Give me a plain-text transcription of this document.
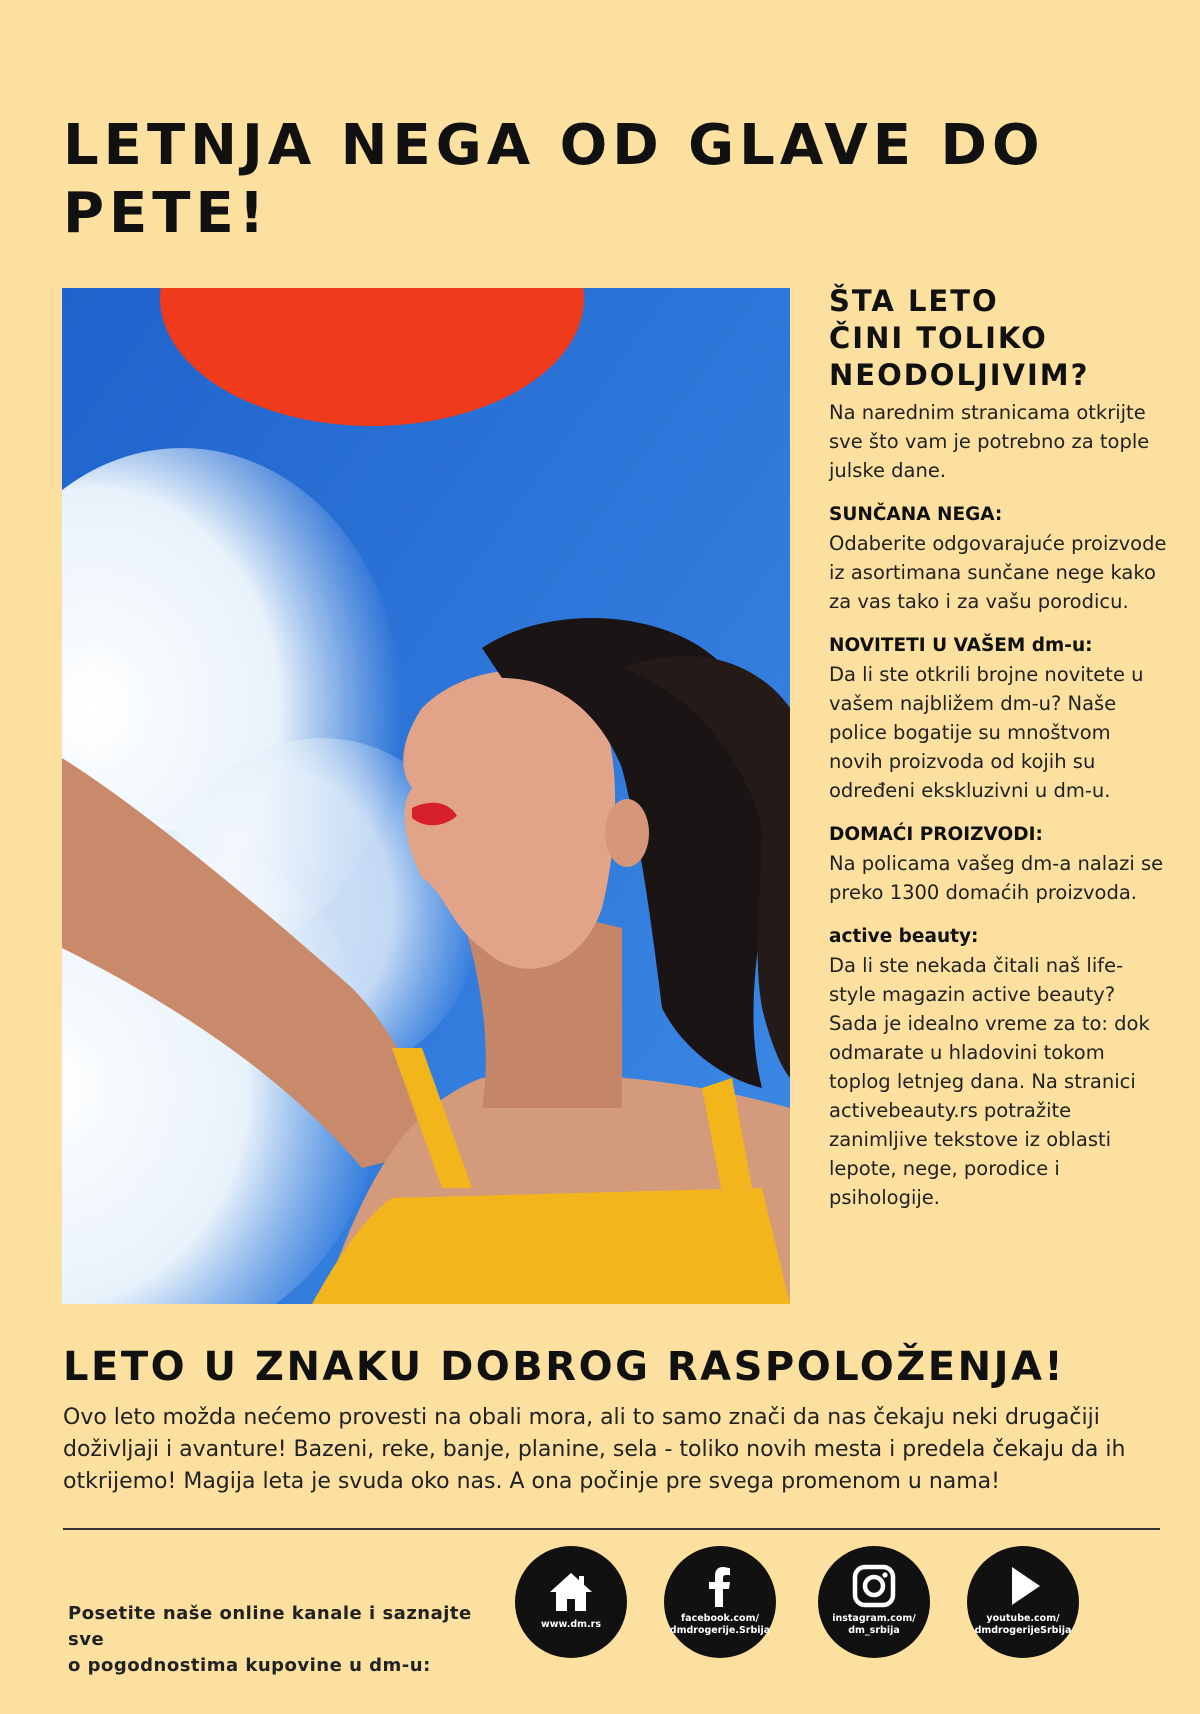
LETNJA NEGA OD GLAVE DO
PETE!
ŠTA LETO
ČINI TOLIKO
NEODOLJIVIM?

Na narednim stranicama otkrijte sve što vam je potrebno za tople julske dane.

SUNČANA NEGA:

Odaberite odgovarajuće proizvode iz asortimana sunčane nege kako za vas tako i za vašu porodicu.

NOVITETI U VAŠEM dm-u:

Da li ste otkrili brojne novitete u vašem najbližem dm-u? Naše police bogatije su mnoštvom novih proizvoda od kojih su određeni ekskluzivni u dm-u.

DOMAĆI PROIZVODI:

Na policama vašeg dm-a nalazi se preko 1300 domaćih proizvoda.

active beauty:

Da li ste nekada čitali naš life-style magazin active beauty? Sada je idealno vreme za to: dok odmarate u hladovini tokom toplog letnjeg dana. Na stranici activebeauty.rs potražite zanimljive tekstove iz oblasti lepote, nege, porodice i psihologije.

LETO U ZNAKU DOBROG RASPOLOŽENJA!

Ovo leto možda nećemo provesti na obali mora, ali to samo znači da nas čekaju neki drugačiji doživljaji i avanture! Bazeni, reke, banje, planine, sela - toliko novih mesta i predela čekaju da ih otkrijemo! Magija leta je svuda oko nas. A ona počinje pre svega promenom u nama!

Posetite naše online kanale i saznajte sve
o pogodnostima kupovine u dm-u:

www.dm.rs
facebook.com/
dmdrogerije.Srbija
instagram.com/
dm_srbija
youtube.com/
dmdrogerijeSrbija
